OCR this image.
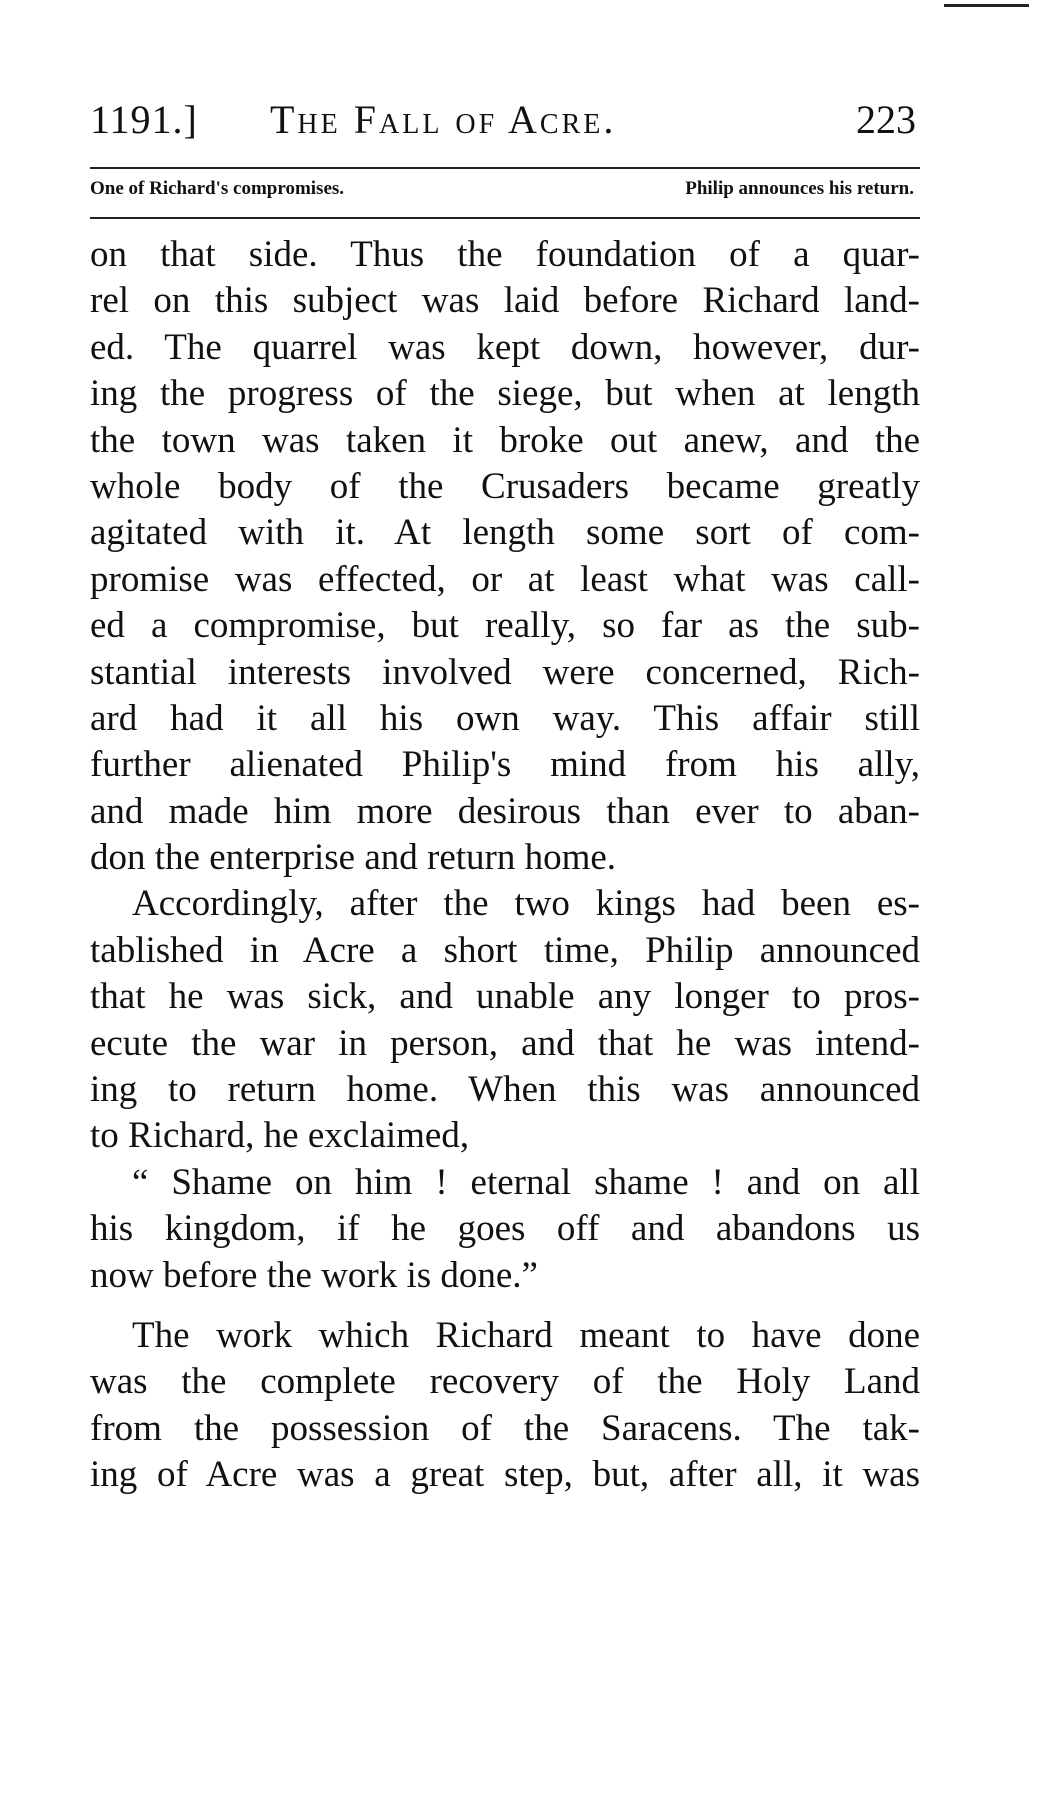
1191.] The Fall of Acre.	223
One of Richard's compromises.	Philip announces his return.
on that side. Thus the foundation of a quar-
rel on this subject was laid before Richard land-
ed. The quarrel was kept down, however, dur-
ing the progress of the siege, but when at length
the town was taken it broke out anew, and the
whole body of the Crusaders became greatly
agitated with it. At length some sort of com-
promise was effected, or at least what was call-
ed a compromise, but really, so far as the sub-
stantial interests involved were concerned, Rich-
ard had it all his own way. This affair still
further alienated Philip's mind from his ally,
and made him more desirous than ever to aban-
don the enterprise and return home.
Accordingly, after the two kings had been es-
tablished in Acre a short time, Philip announced
that he was sick, and unable any longer to pros-
ecute the war in person, and that he was intend-
ing to return home. When this was announced
to Richard, he exclaimed,
“ Shame on him ! eternal shame ! and on all
his kingdom, if he goes off and abandons us
now before the work is done.”
The work which Richard meant to have done
was the complete recovery of the Holy Land
from the possession of the Saracens. The tak-
ing of Acre was a great step, but, after all, it was
